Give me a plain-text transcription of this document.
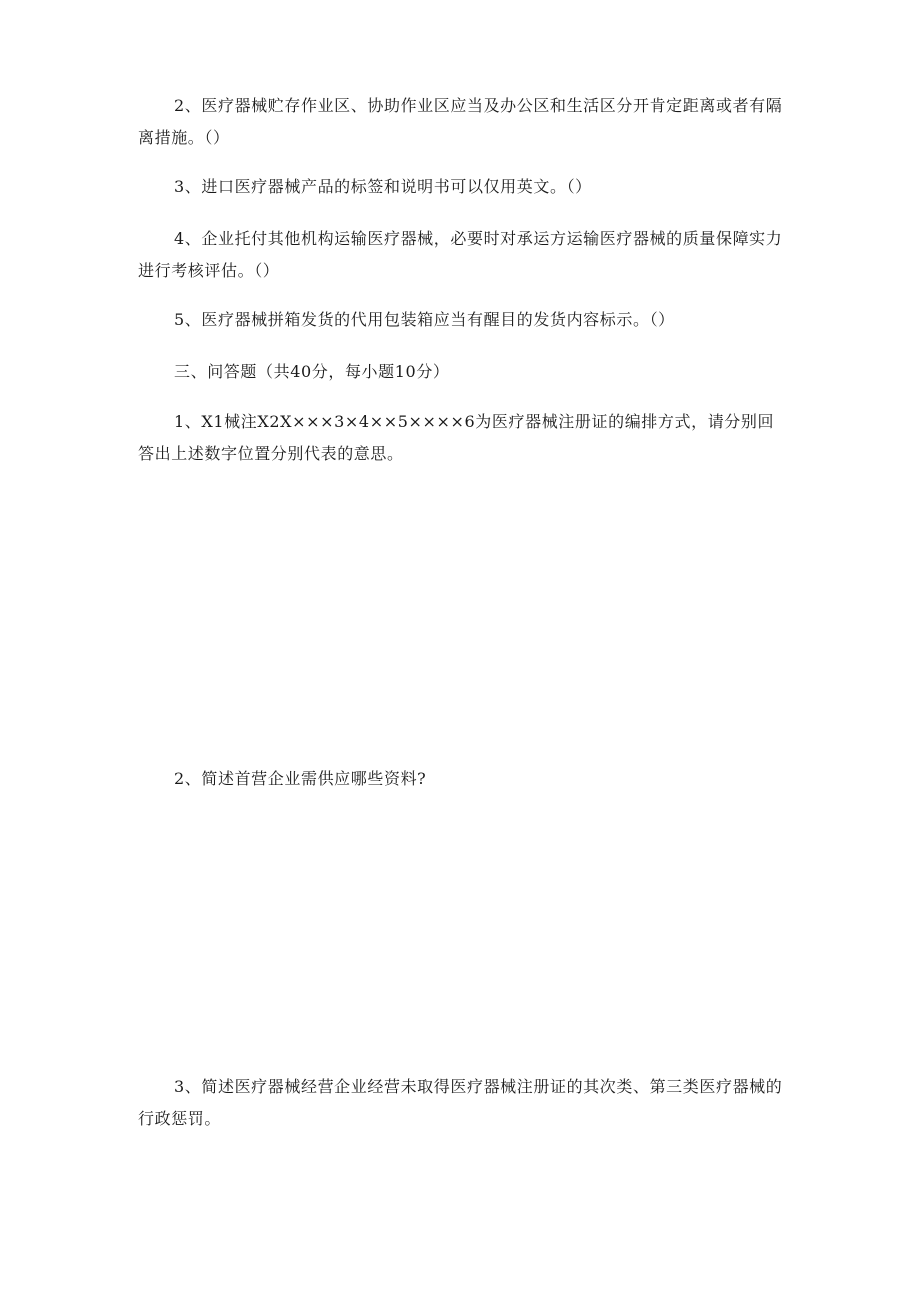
2、医疗器械贮存作业区、协助作业区应当及办公区和生活区分开肯定距离或者有隔离措施。（）

3、进口医疗器械产品的标签和说明书可以仅用英文。（）

4、企业托付其他机构运输医疗器械，必要时对承运方运输医疗器械的质量保障实力进行考核评估。（）

5、医疗器械拼箱发货的代用包装箱应当有醒目的发货内容标示。（）

三、问答题（共40分，每小题10分）

1、X1械注X2X×××3×4××5××××6为医疗器械注册证的编排方式，请分别回答出上述数字位置分别代表的意思。

2、简述首营企业需供应哪些资料?

3、简述医疗器械经营企业经营未取得医疗器械注册证的其次类、第三类医疗器械的行政惩罚。
